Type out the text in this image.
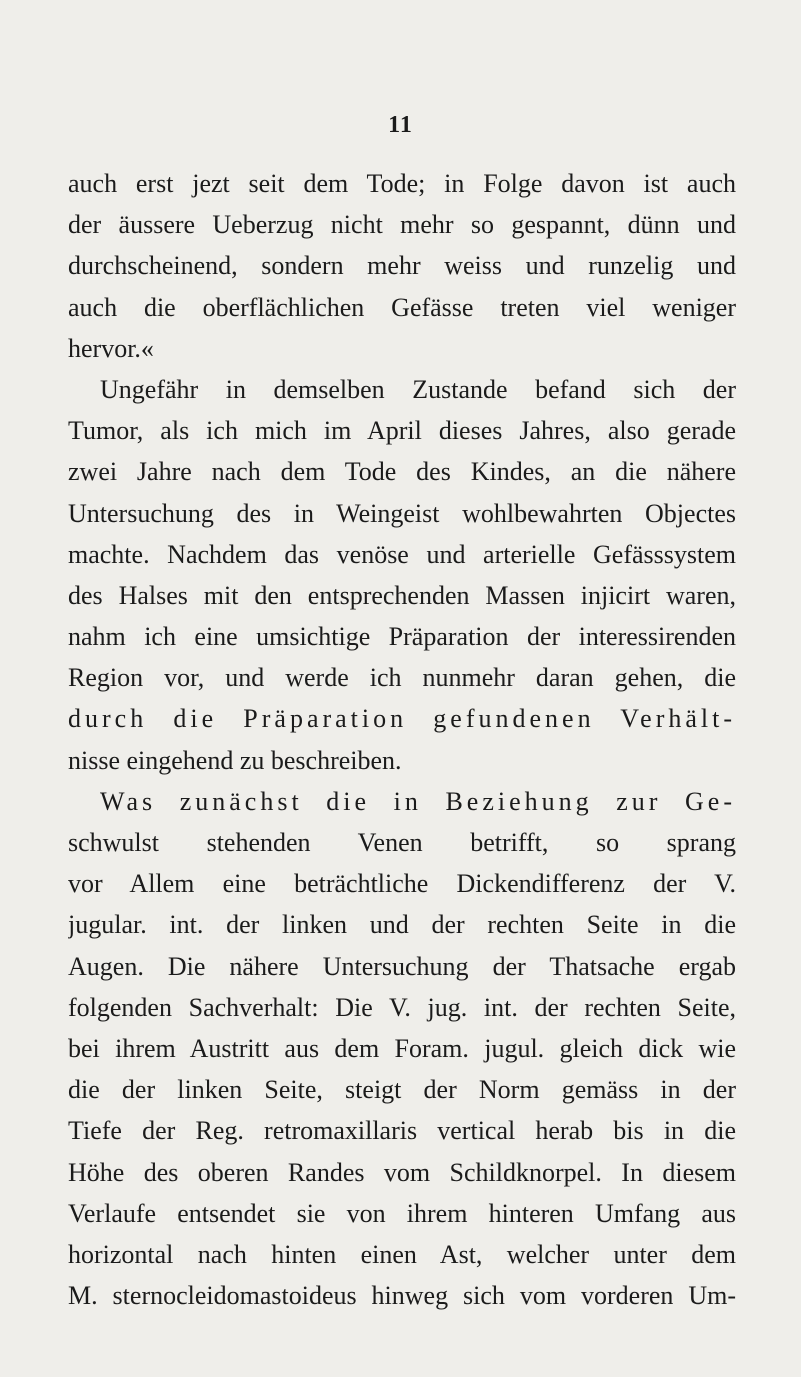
11
auch erst jezt seit dem Tode; in Folge davon ist auch
der äussere Ueberzug nicht mehr so gespannt, dünn und
durchscheinend, sondern mehr weiss und runzelig und
auch die oberflächlichen Gefässe treten viel weniger
hervor.«
Ungefähr in demselben Zustande befand sich der
Tumor, als ich mich im April dieses Jahres, also gerade
zwei Jahre nach dem Tode des Kindes, an die nähere
Untersuchung des in Weingeist wohlbewahrten Objectes
machte. Nachdem das venöse und arterielle Gefässsystem
des Halses mit den entsprechenden Massen injicirt waren,
nahm ich eine umsichtige Präparation der interessirenden
Region vor, und werde ich nunmehr daran gehen, die
durch die Präparation gefundenen Verhält-
nisse eingehend zu beschreiben.
Was zunächst die in Beziehung zur Ge-
schwulst stehenden Venen betrifft, so sprang
vor Allem eine beträchtliche Dickendifferenz der V.
jugular. int. der linken und der rechten Seite in die
Augen. Die nähere Untersuchung der Thatsache ergab
folgenden Sachverhalt: Die V. jug. int. der rechten Seite,
bei ihrem Austritt aus dem Foram. jugul. gleich dick wie
die der linken Seite, steigt der Norm gemäss in der
Tiefe der Reg. retromaxillaris vertical herab bis in die
Höhe des oberen Randes vom Schildknorpel. In diesem
Verlaufe entsendet sie von ihrem hinteren Umfang aus
horizontal nach hinten einen Ast, welcher unter dem
M. sternocleidomastoideus hinweg sich vom vorderen Um-
